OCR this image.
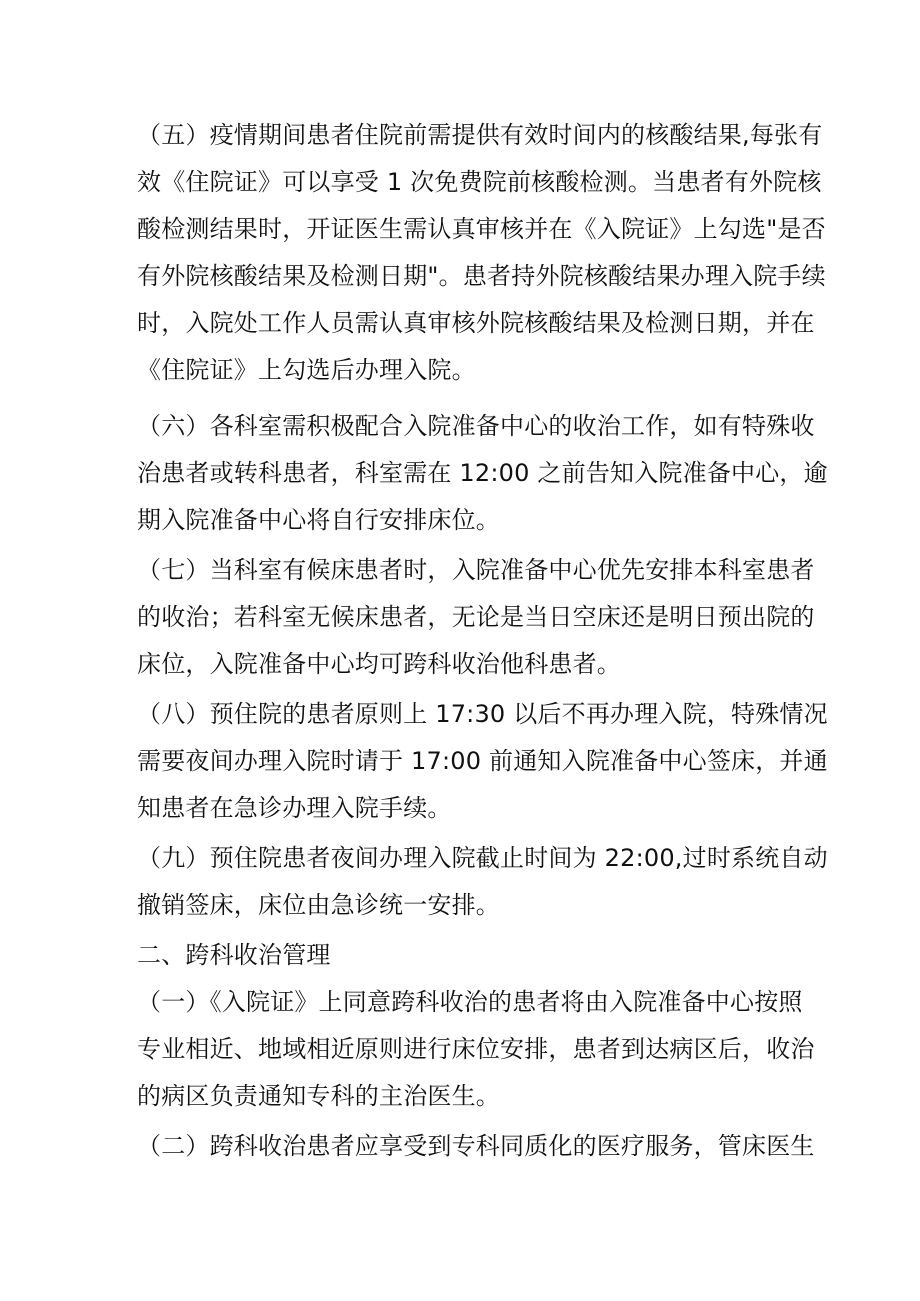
（五）疫情期间患者住院前需提供有效时间内的核酸结果,每张有
效《住院证》可以享受 1 次免费院前核酸检测。当患者有外院核
酸检测结果时，开证医生需认真审核并在《入院证》上勾选"是否
有外院核酸结果及检测日期"。患者持外院核酸结果办理入院手续
时，入院处工作人员需认真审核外院核酸结果及检测日期，并在
《住院证》上勾选后办理入院。
（六）各科室需积极配合入院准备中心的收治工作，如有特殊收
治患者或转科患者，科室需在 12:00 之前告知入院准备中心，逾
期入院准备中心将自行安排床位。
（七）当科室有候床患者时，入院准备中心优先安排本科室患者
的收治；若科室无候床患者，无论是当日空床还是明日预出院的
床位，入院准备中心均可跨科收治他科患者。
（八）预住院的患者原则上 17:30 以后不再办理入院，特殊情况
需要夜间办理入院时请于 17:00 前通知入院准备中心签床，并通
知患者在急诊办理入院手续。
（九）预住院患者夜间办理入院截止时间为 22:00,过时系统自动
撤销签床，床位由急诊统一安排。
二、跨科收治管理
（一）《入院证》上同意跨科收治的患者将由入院准备中心按照
专业相近、地域相近原则进行床位安排，患者到达病区后，收治
的病区负责通知专科的主治医生。
（二）跨科收治患者应享受到专科同质化的医疗服务，管床医生
